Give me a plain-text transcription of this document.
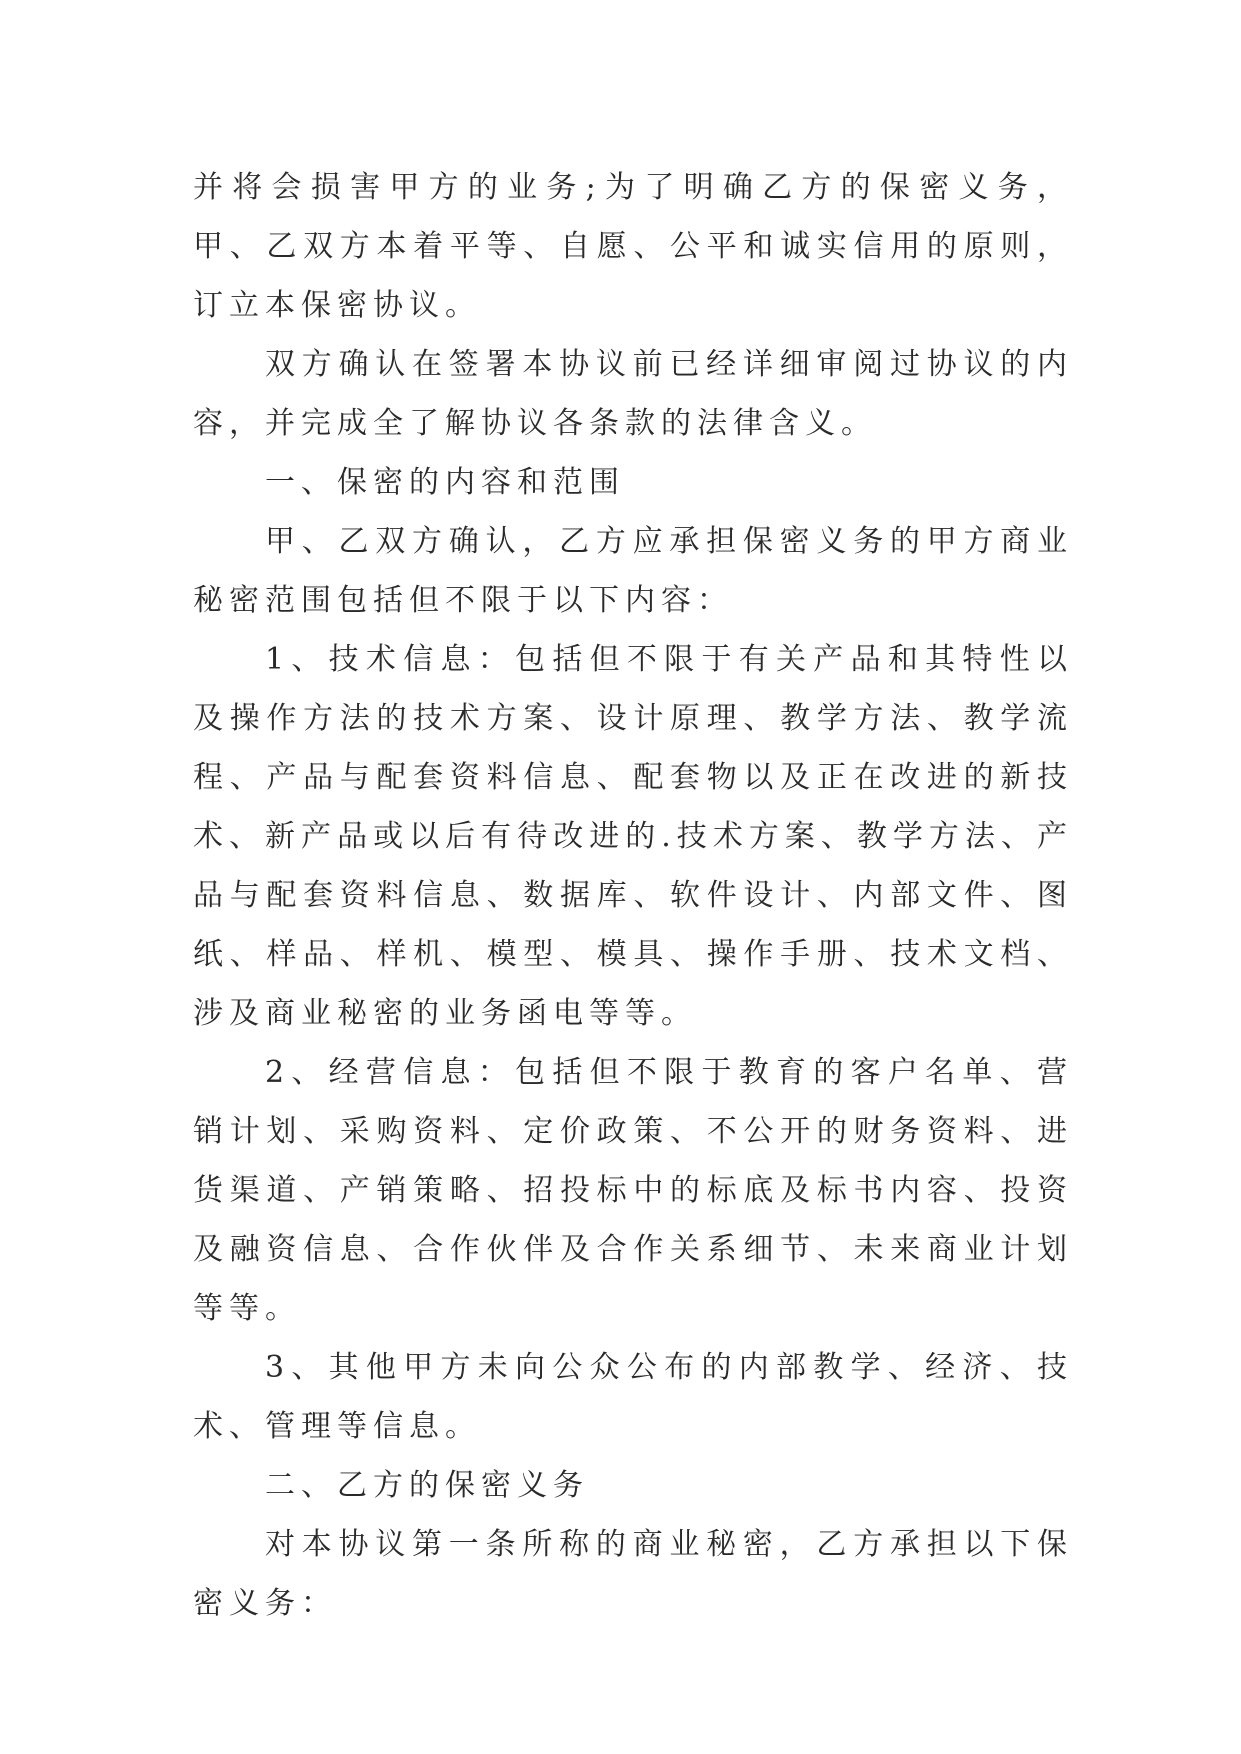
并将会损害甲方的业务;为了明确乙方的保密义务，甲、乙双方本着平等、自愿、公平和诚实信用的原则，订立本保密协议。

双方确认在签署本协议前已经详细审阅过协议的内容，并完成全了解协议各条款的法律含义。

一、保密的内容和范围

甲、乙双方确认，乙方应承担保密义务的甲方商业秘密范围包括但不限于以下内容：

1、技术信息：包括但不限于有关产品和其特性以及操作方法的技术方案、设计原理、教学方法、教学流程、产品与配套资料信息、配套物以及正在改进的新技术、新产品或以后有待改进的.技术方案、教学方法、产品与配套资料信息、数据库、软件设计、内部文件、图纸、样品、样机、模型、模具、操作手册、技术文档、涉及商业秘密的业务函电等等。

2、经营信息：包括但不限于教育的客户名单、营销计划、采购资料、定价政策、不公开的财务资料、进货渠道、产销策略、招投标中的标底及标书内容、投资及融资信息、合作伙伴及合作关系细节、未来商业计划等等。

3、其他甲方未向公众公布的内部教学、经济、技术、管理等信息。

二、乙方的保密义务

对本协议第一条所称的商业秘密，乙方承担以下保密义务：
